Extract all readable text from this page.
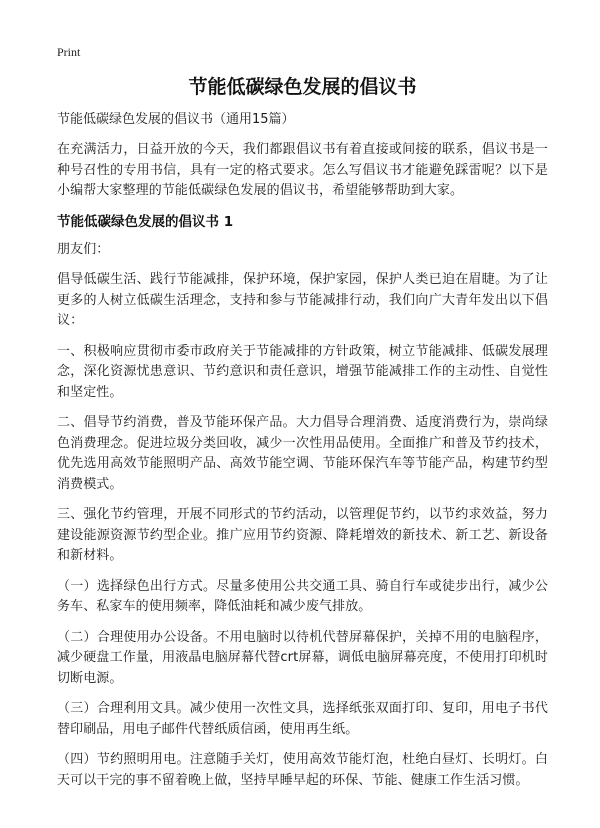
Print
节能低碳绿色发展的倡议书

节能低碳绿色发展的倡议书（通用15篇）

在充满活力，日益开放的今天，我们都跟倡议书有着直接或间接的联系，倡议书是一种号召性的专用书信，具有一定的格式要求。怎么写倡议书才能避免踩雷呢？以下是小编帮大家整理的节能低碳绿色发展的倡议书，希望能够帮助到大家。

节能低碳绿色发展的倡议书 1

朋友们：

倡导低碳生活、践行节能减排，保护环境，保护家园，保护人类已迫在眉睫。为了让更多的人树立低碳生活理念，支持和参与节能减排行动，我们向广大青年发出以下倡议：

一、积极响应贯彻市委市政府关于节能减排的方针政策，树立节能减排、低碳发展理念，深化资源忧患意识、节约意识和责任意识，增强节能减排工作的主动性、自觉性和坚定性。

二、倡导节约消费，普及节能环保产品。大力倡导合理消费、适度消费行为，崇尚绿色消费理念。促进垃圾分类回收，减少一次性用品使用。全面推广和普及节约技术，优先选用高效节能照明产品、高效节能空调、节能环保汽车等节能产品，构建节约型消费模式。

三、强化节约管理，开展不同形式的节约活动，以管理促节约，以节约求效益，努力建设能源资源节约型企业。推广应用节约资源、降耗增效的新技术、新工艺、新设备和新材料。

（一）选择绿色出行方式。尽量多使用公共交通工具、骑自行车或徒步出行，减少公务车、私家车的使用频率，降低油耗和减少废气排放。

（二）合理使用办公设备。不用电脑时以待机代替屏幕保护，关掉不用的电脑程序，减少硬盘工作量，用液晶电脑屏幕代替crt屏幕，调低电脑屏幕亮度，不使用打印机时切断电源。

（三）合理利用文具。减少使用一次性文具，选择纸张双面打印、复印，用电子书代替印刷品，用电子邮件代替纸质信函，使用再生纸。

（四）节约照明用电。注意随手关灯，使用高效节能灯泡，杜绝白昼灯、长明灯。白天可以干完的事不留着晚上做，坚持早睡早起的环保、节能、健康工作生活习惯。
